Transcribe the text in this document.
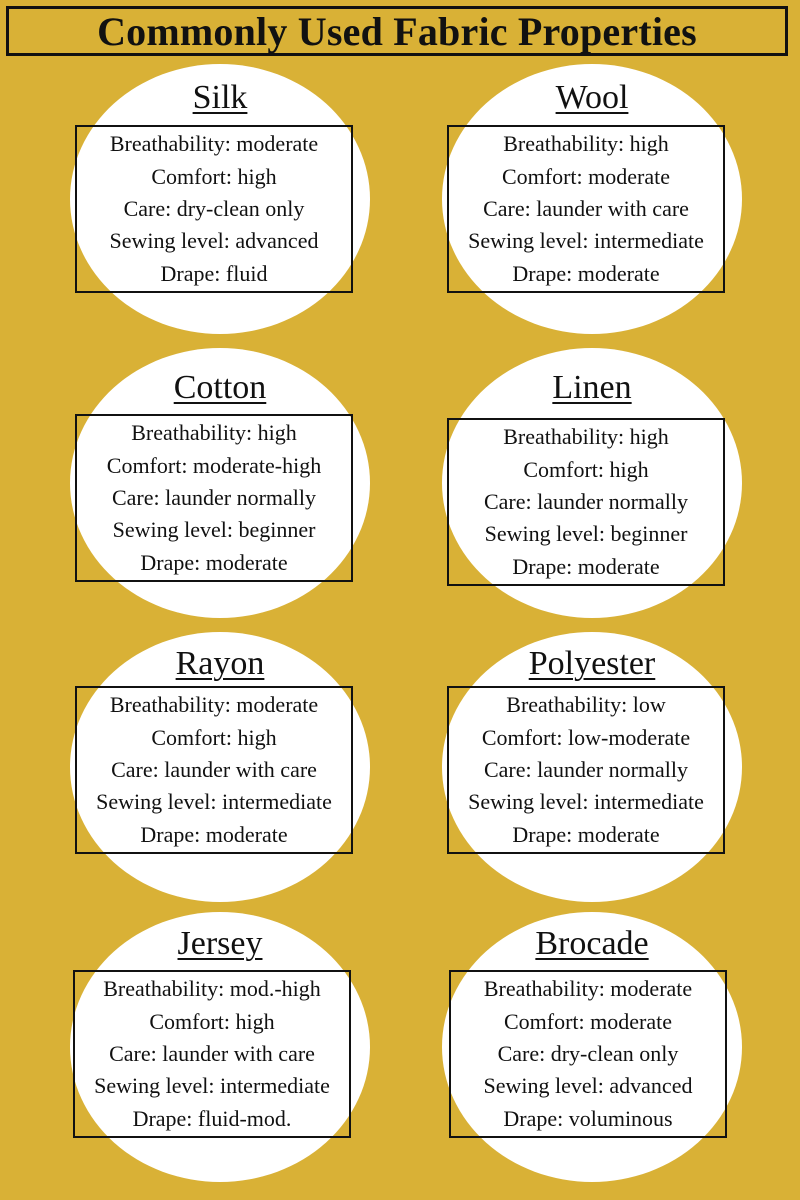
Commonly Used Fabric Properties
Silk
Breathability: moderate
Comfort: high
Care: dry-clean only
Sewing level: advanced
Drape: fluid
Wool
Breathability: high
Comfort: moderate
Care: launder with care
Sewing level: intermediate
Drape: moderate
Cotton
Breathability: high
Comfort: moderate-high
Care: launder normally
Sewing level: beginner
Drape: moderate
Linen
Breathability: high
Comfort: high
Care: launder normally
Sewing level: beginner
Drape: moderate
Rayon
Breathability: moderate
Comfort: high
Care: launder with care
Sewing level: intermediate
Drape: moderate
Polyester
Breathability: low
Comfort: low-moderate
Care: launder normally
Sewing level: intermediate
Drape: moderate
Jersey
Breathability: mod.-high
Comfort: high
Care: launder with care
Sewing level: intermediate
Drape: fluid-mod.
Brocade
Breathability: moderate
Comfort: moderate
Care: dry-clean only
Sewing level: advanced
Drape: voluminous
